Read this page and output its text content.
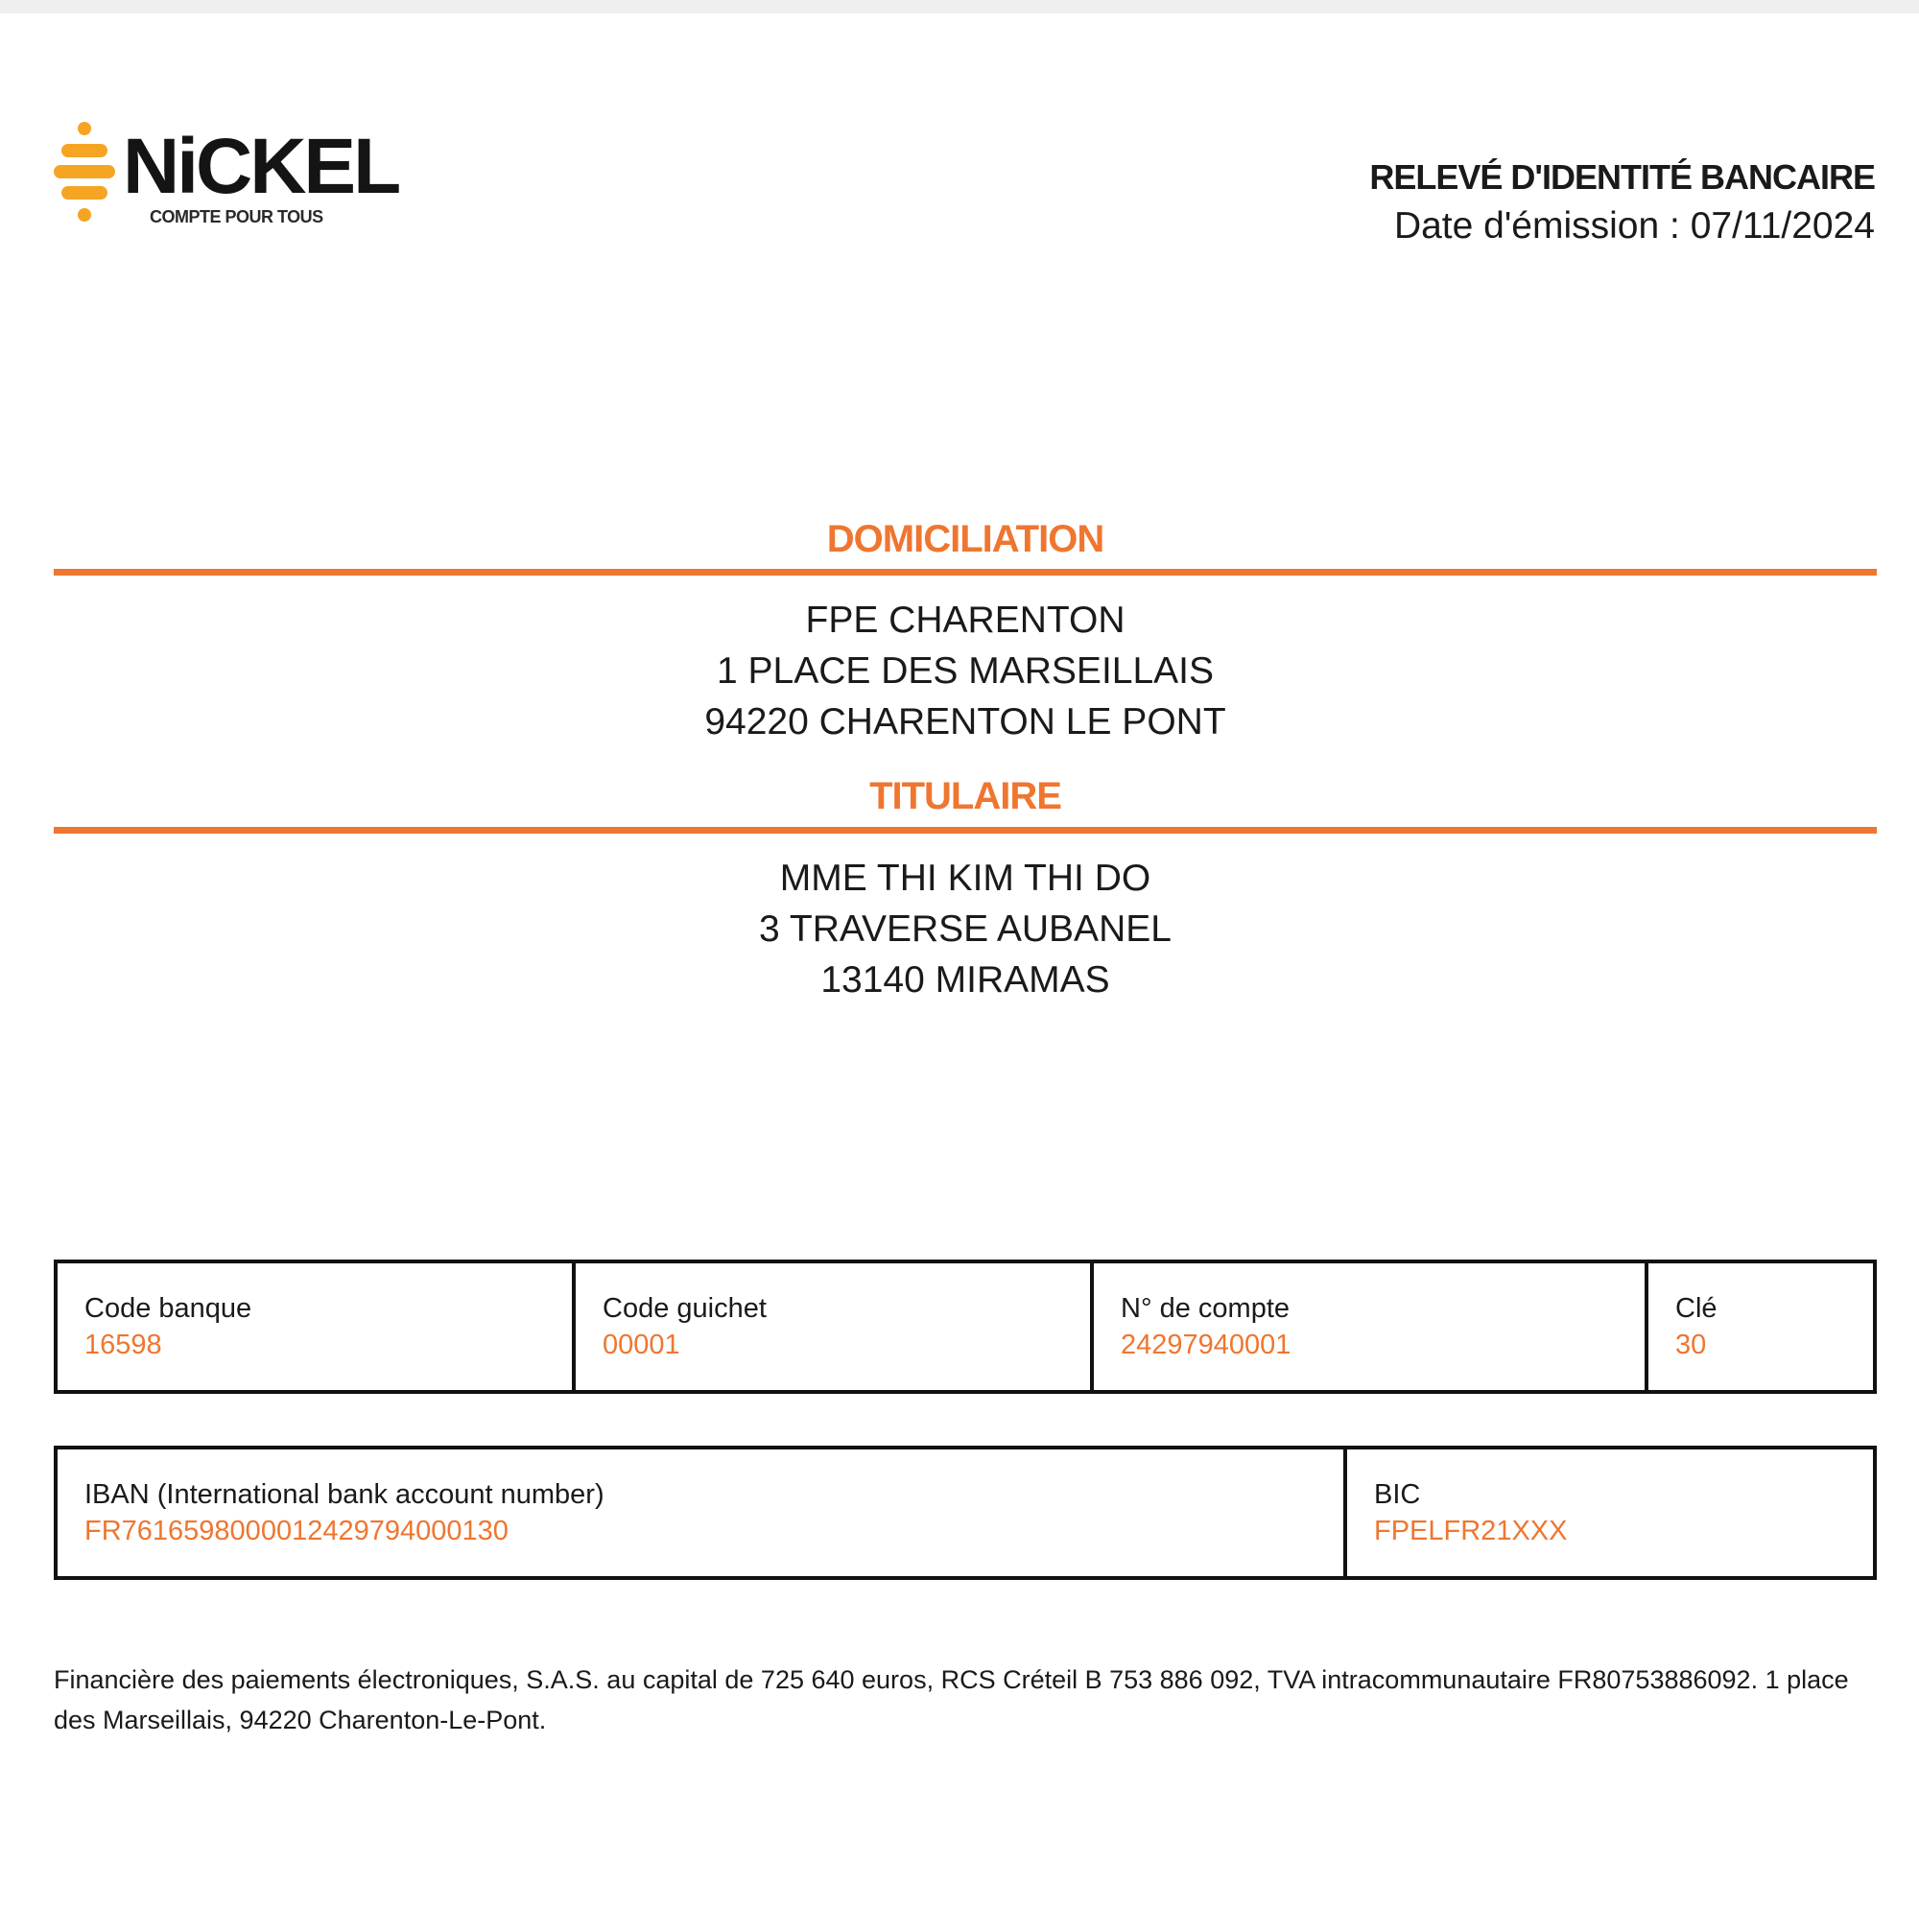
NiCKEL
COMPTE POUR TOUS
RELEVÉ D'IDENTITÉ BANCAIRE
Date d'émission : 07/11/2024
DOMICILIATION
FPE CHARENTON
1 PLACE DES MARSEILLAIS
94220 CHARENTON LE PONT
TITULAIRE
MME THI KIM THI DO
3 TRAVERSE AUBANEL
13140 MIRAMAS
Code banque
16598
Code guichet
00001
N° de compte
24297940001
Clé
30
IBAN (International bank account number)
FR7616598000012429794000130
BIC
FPELFR21XXX
Financière des paiements électroniques, S.A.S. au capital de 725 640 euros, RCS Créteil B 753 886 092, TVA intracommunautaire FR80753886092. 1 place des Marseillais, 94220 Charenton-Le-Pont.
